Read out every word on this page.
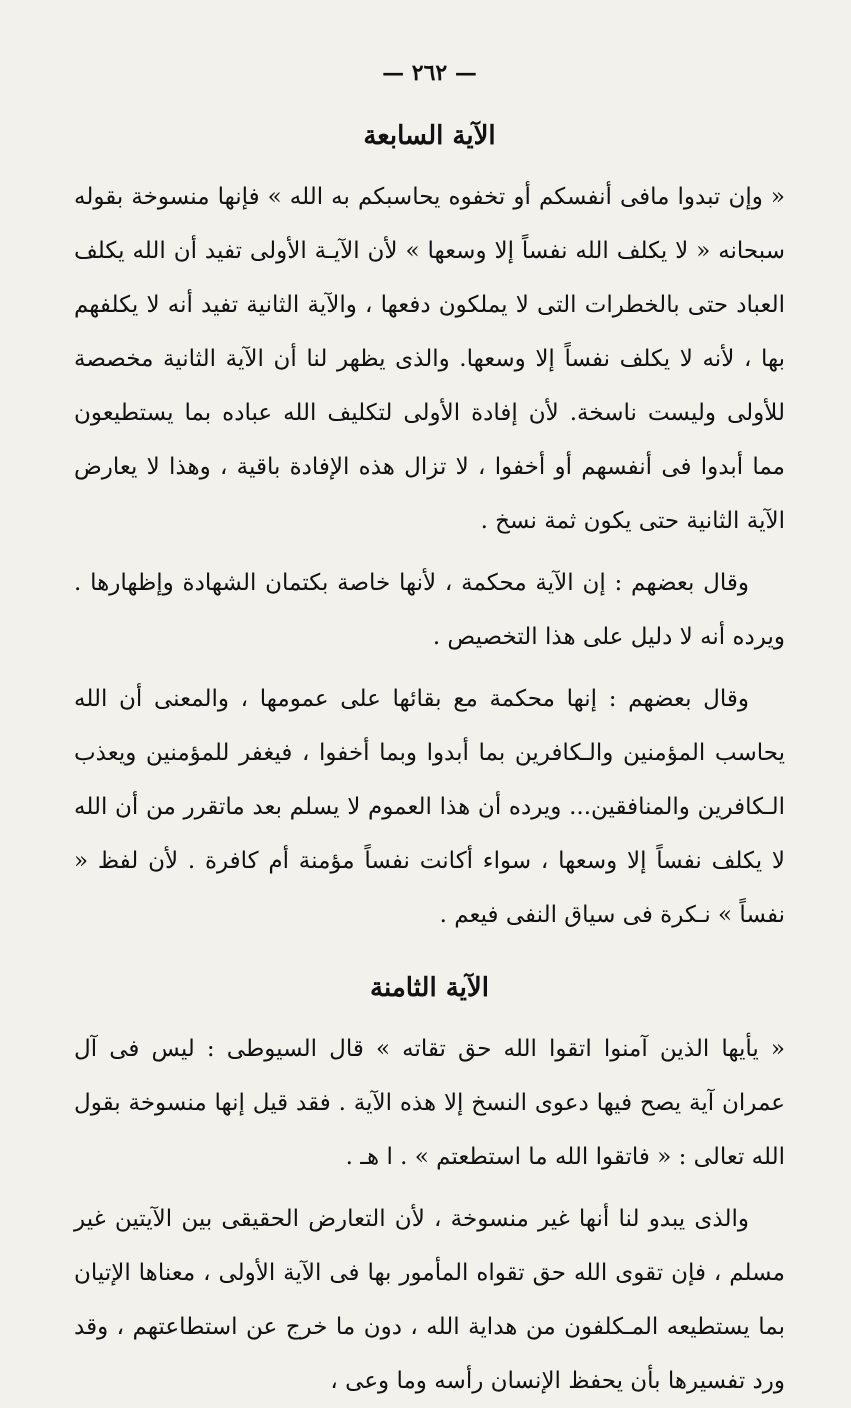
— ٢٦٢ —
الآية السابعة

« وإن تبدوا مافى أنفسكم أو تخفوه يحاسبكم به الله » فإنها منسوخة بقوله سبحانه « لا يكلف الله نفساً إلا وسعها » لأن الآيـة الأولى تفيد أن الله يكلف العباد حتى بالخطرات التى لا يملكون دفعها ، والآية الثانية تفيد أنه لا يكلفهم بها ، لأنه لا يكلف نفساً إلا وسعها. والذى يظهر لنا أن الآية الثانية مخصصة للأولى وليست ناسخة. لأن إفادة الأولى لتكليف الله عباده بما يستطيعون مما أبدوا فى أنفسهم أو أخفوا ، لا تزال هذه الإفادة باقية ، وهذا لا يعارض الآية الثانية حتى يكون ثمة نسخ .

وقال بعضهم : إن الآية محكمة ، لأنها خاصة بكتمان الشهادة وإظهارها . ويرده أنه لا دليل على هذا التخصيص .

وقال بعضهم : إنها محكمة مع بقائها على عمومها ، والمعنى أن الله يحاسب المؤمنين والـكافرين بما أبدوا وبما أخفوا ، فيغفر للمؤمنين ويعذب الـكافرين والمنافقين... ويرده أن هذا العموم لا يسلم بعد ماتقرر من أن الله لا يكلف نفساً إلا وسعها ، سواء أكانت نفساً مؤمنة أم كافرة . لأن لفظ « نفساً » نـكرة فى سياق النفى فيعم .

الآية الثامنة

« يأيها الذين آمنوا اتقوا الله حق تقاته » قال السيوطى : ليس فى آل عمران آية يصح فيها دعوى النسخ إلا هذه الآية . فقد قيل إنها منسوخة بقول الله تعالى : « فاتقوا الله ما استطعتم » . ا هـ .

والذى يبدو لنا أنها غير منسوخة ، لأن التعارض الحقيقى بين الآيتين غير مسلم ، فإن تقوى الله حق تقواه المأمور بها فى الآية الأولى ، معناها الإتيان بما يستطيعه المـكلفون من هداية الله ، دون ما خرج عن استطاعتهم ، وقد ورد تفسيرها بأن يحفظ الإنسان رأسه وما وعى ،
